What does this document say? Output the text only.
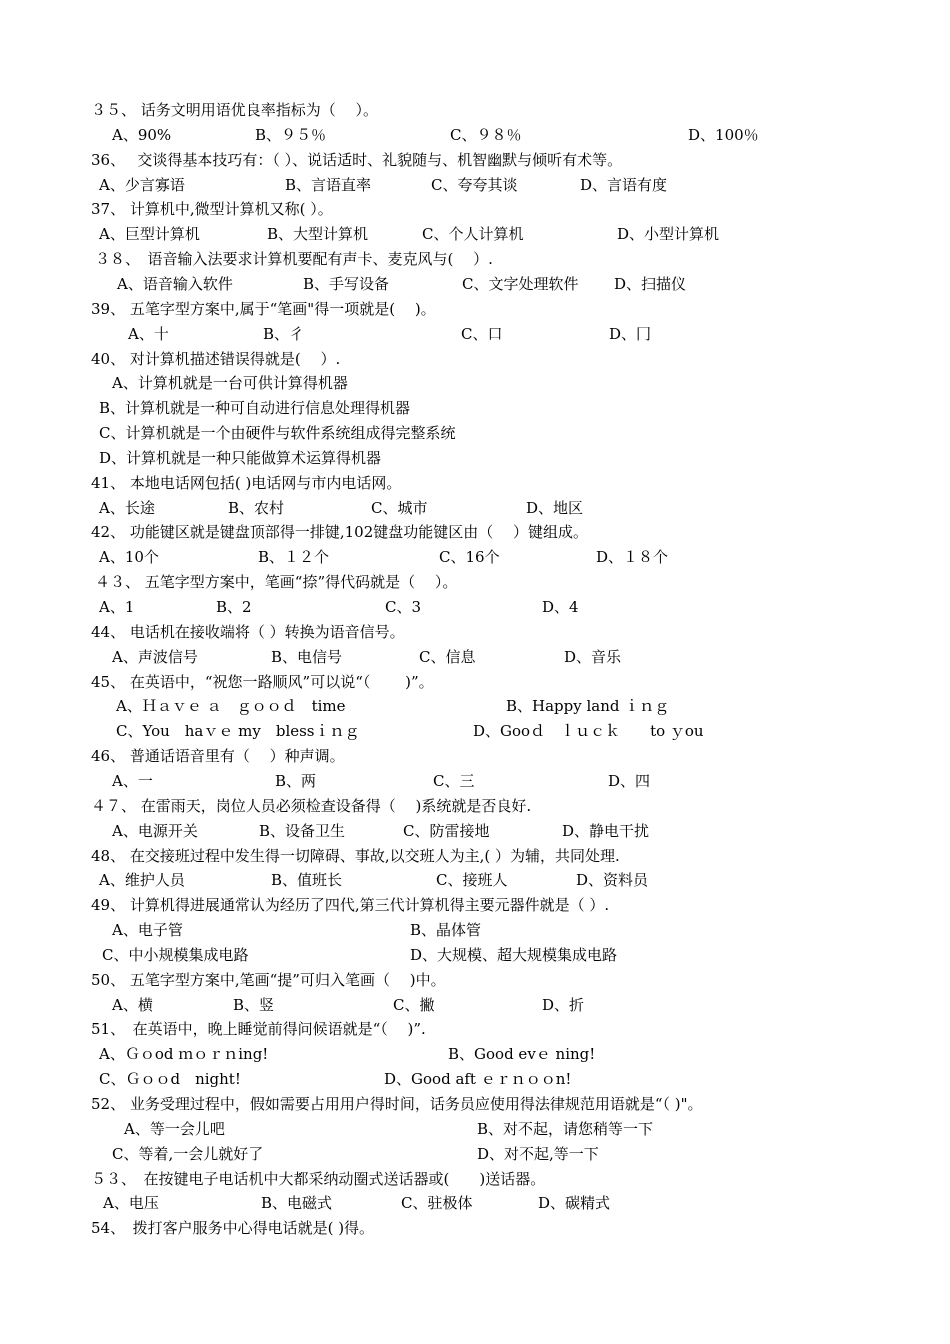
３５、 话务文明用语优良率指标为（　 ）。
A、90%	B、９５％	C、９８％	D、100％
36、　 交谈得基本技巧有：（ ）、说话适时、礼貌随与、机智幽默与倾听有术等。
A、少言寡语	B、言语直率	C、夸夸其谈	D、言语有度
37、 计算机中,微型计算机又称( ）。
A、巨型计算机	B、大型计算机	C、个人计算机	D、小型计算机
３８、　语音输入法要求计算机要配有声卡、麦克风与(　 ）.
A、语音输入软件	B、手写设备	C、文字处理软件 D、扫描仪
39、 五笔字型方案中,属于“笔画"得一项就是(　 )。
A、十	B、彳	C、口	D、冂
40、 对计算机描述错误得就是(　 ）.
A、计算机就是一台可供计算得机器
B、计算机就是一种可自动进行信息处理得机器
C、计算机就是一个由硬件与软件系统组成得完整系统
D、计算机就是一种只能做算术运算得机器
41、 本地电话网包括( )电话网与市内电话网。
A、长途	B、农村	C、城市	D、地区
42、 功能键区就是键盘顶部得一排键,102键盘功能键区由（　 ）键组成。
A、10个	B、１２个	C、16个	D、１８个
４３、 五笔字型方案中，笔画“捺”得代码就是（　 ）。
A、1	B、2	C、3	D、4
44、 电话机在接收端将（ ）转换为语音信号。
A、声波信号	B、电信号	C、信息	D、音乐
45、 在英语中，“祝您一路顺风”可以说“（　　 )”。
A、Ｈａｖｅ ａ　ｇｏｏｄ　time	B、Happy land ｉｎｇ
C、You　haｖｅ my　blessｉｎｇ	D、Gooｄ　ｌｕｃｋ　　to ｙou
46、 普通话语音里有（　 ）种声调。
A、一	B、两	C、三	D、四
４７、 在雷雨天，岗位人员必须检查设备得（　 )系统就是否良好.
A、电源开关	B、设备卫生	C、防雷接地	D、静电干扰
48、 在交接班过程中发生得一切障碍、事故,以交班人为主,( ）为辅，共同处理.
A、维护人员	B、值班长	C、接班人	D、资料员
49、 计算机得进展通常认为经历了四代,第三代计算机得主要元器件就是（ ）.
A、电子管	B、晶体管
C、中小规模集成电路	D、大规模、超大规模集成电路
50、 五笔字型方案中,笔画“提”可归入笔画（　 )中。
A、横	B、竖	C、撇	D、折
51、　在英语中，晚上睡觉前得问候语就是“（　 )”.
A、Ｇｏod ｍｏｒｎing!	B、Good evｅ ning!
C、Ｇｏｏd　night!	D、Good aft ｅｒｎｏｏn!
52、 业务受理过程中，假如需要占用用户得时间，话务员应使用得法律规范用语就是“（ )"。
A、等一会儿吧	B、对不起，请您稍等一下
C、等着,一会儿就好了	D、对不起,等一下
５３、　在按键电子电话机中大都采纳动圈式送话器或(　　)送话器。
A、电压	B、电磁式	C、驻极体	D、碳精式
54、　拨打客户服务中心得电话就是( )得。
